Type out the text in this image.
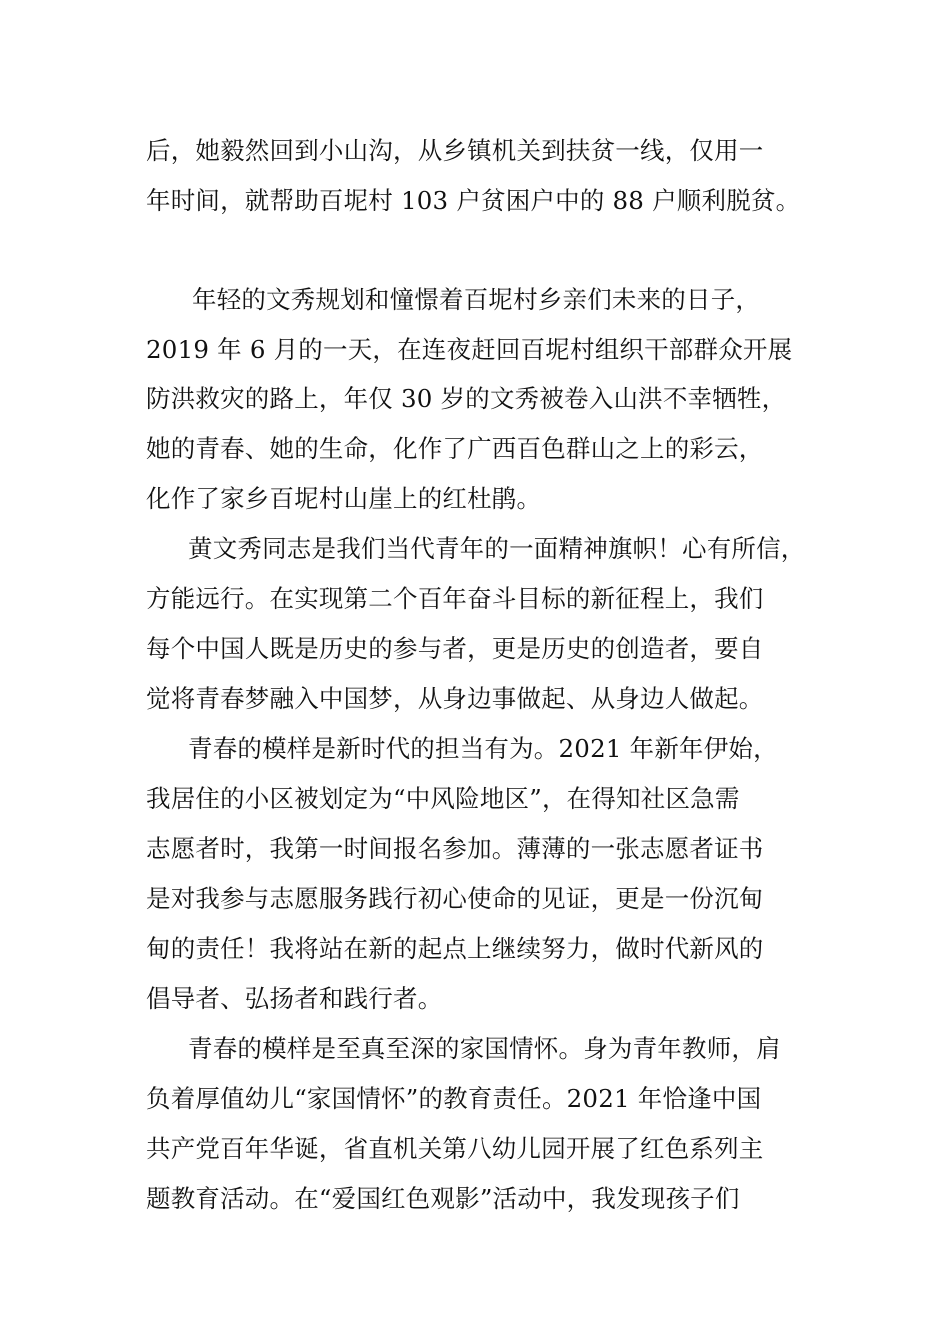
后，她毅然回到小山沟，从乡镇机关到扶贫一线，仅用一
年时间，就帮助百坭村 103 户贫困户中的 88 户顺利脱贫。
年轻的文秀规划和憧憬着百坭村乡亲们未来的日子，
2019 年 6 月的一天，在连夜赶回百坭村组织干部群众开展
防洪救灾的路上，年仅 30 岁的文秀被卷入山洪不幸牺牲，
她的青春、她的生命，化作了广西百色群山之上的彩云，
化作了家乡百坭村山崖上的红杜鹃。
黄文秀同志是我们当代青年的一面精神旗帜！心有所信，
方能远行。在实现第二个百年奋斗目标的新征程上，我们
每个中国人既是历史的参与者，更是历史的创造者，要自
觉将青春梦融入中国梦，从身边事做起、从身边人做起。
青春的模样是新时代的担当有为。2021 年新年伊始，
我居住的小区被划定为“中风险地区”，在得知社区急需
志愿者时，我第一时间报名参加。薄薄的一张志愿者证书
是对我参与志愿服务践行初心使命的见证，更是一份沉甸
甸的责任！我将站在新的起点上继续努力，做时代新风的
倡导者、弘扬者和践行者。
青春的模样是至真至深的家国情怀。身为青年教师，肩
负着厚值幼儿“家国情怀”的教育责任。2021 年恰逢中国
共产党百年华诞，省直机关第八幼儿园开展了红色系列主
题教育活动。在“爱国红色观影”活动中，我发现孩子们
